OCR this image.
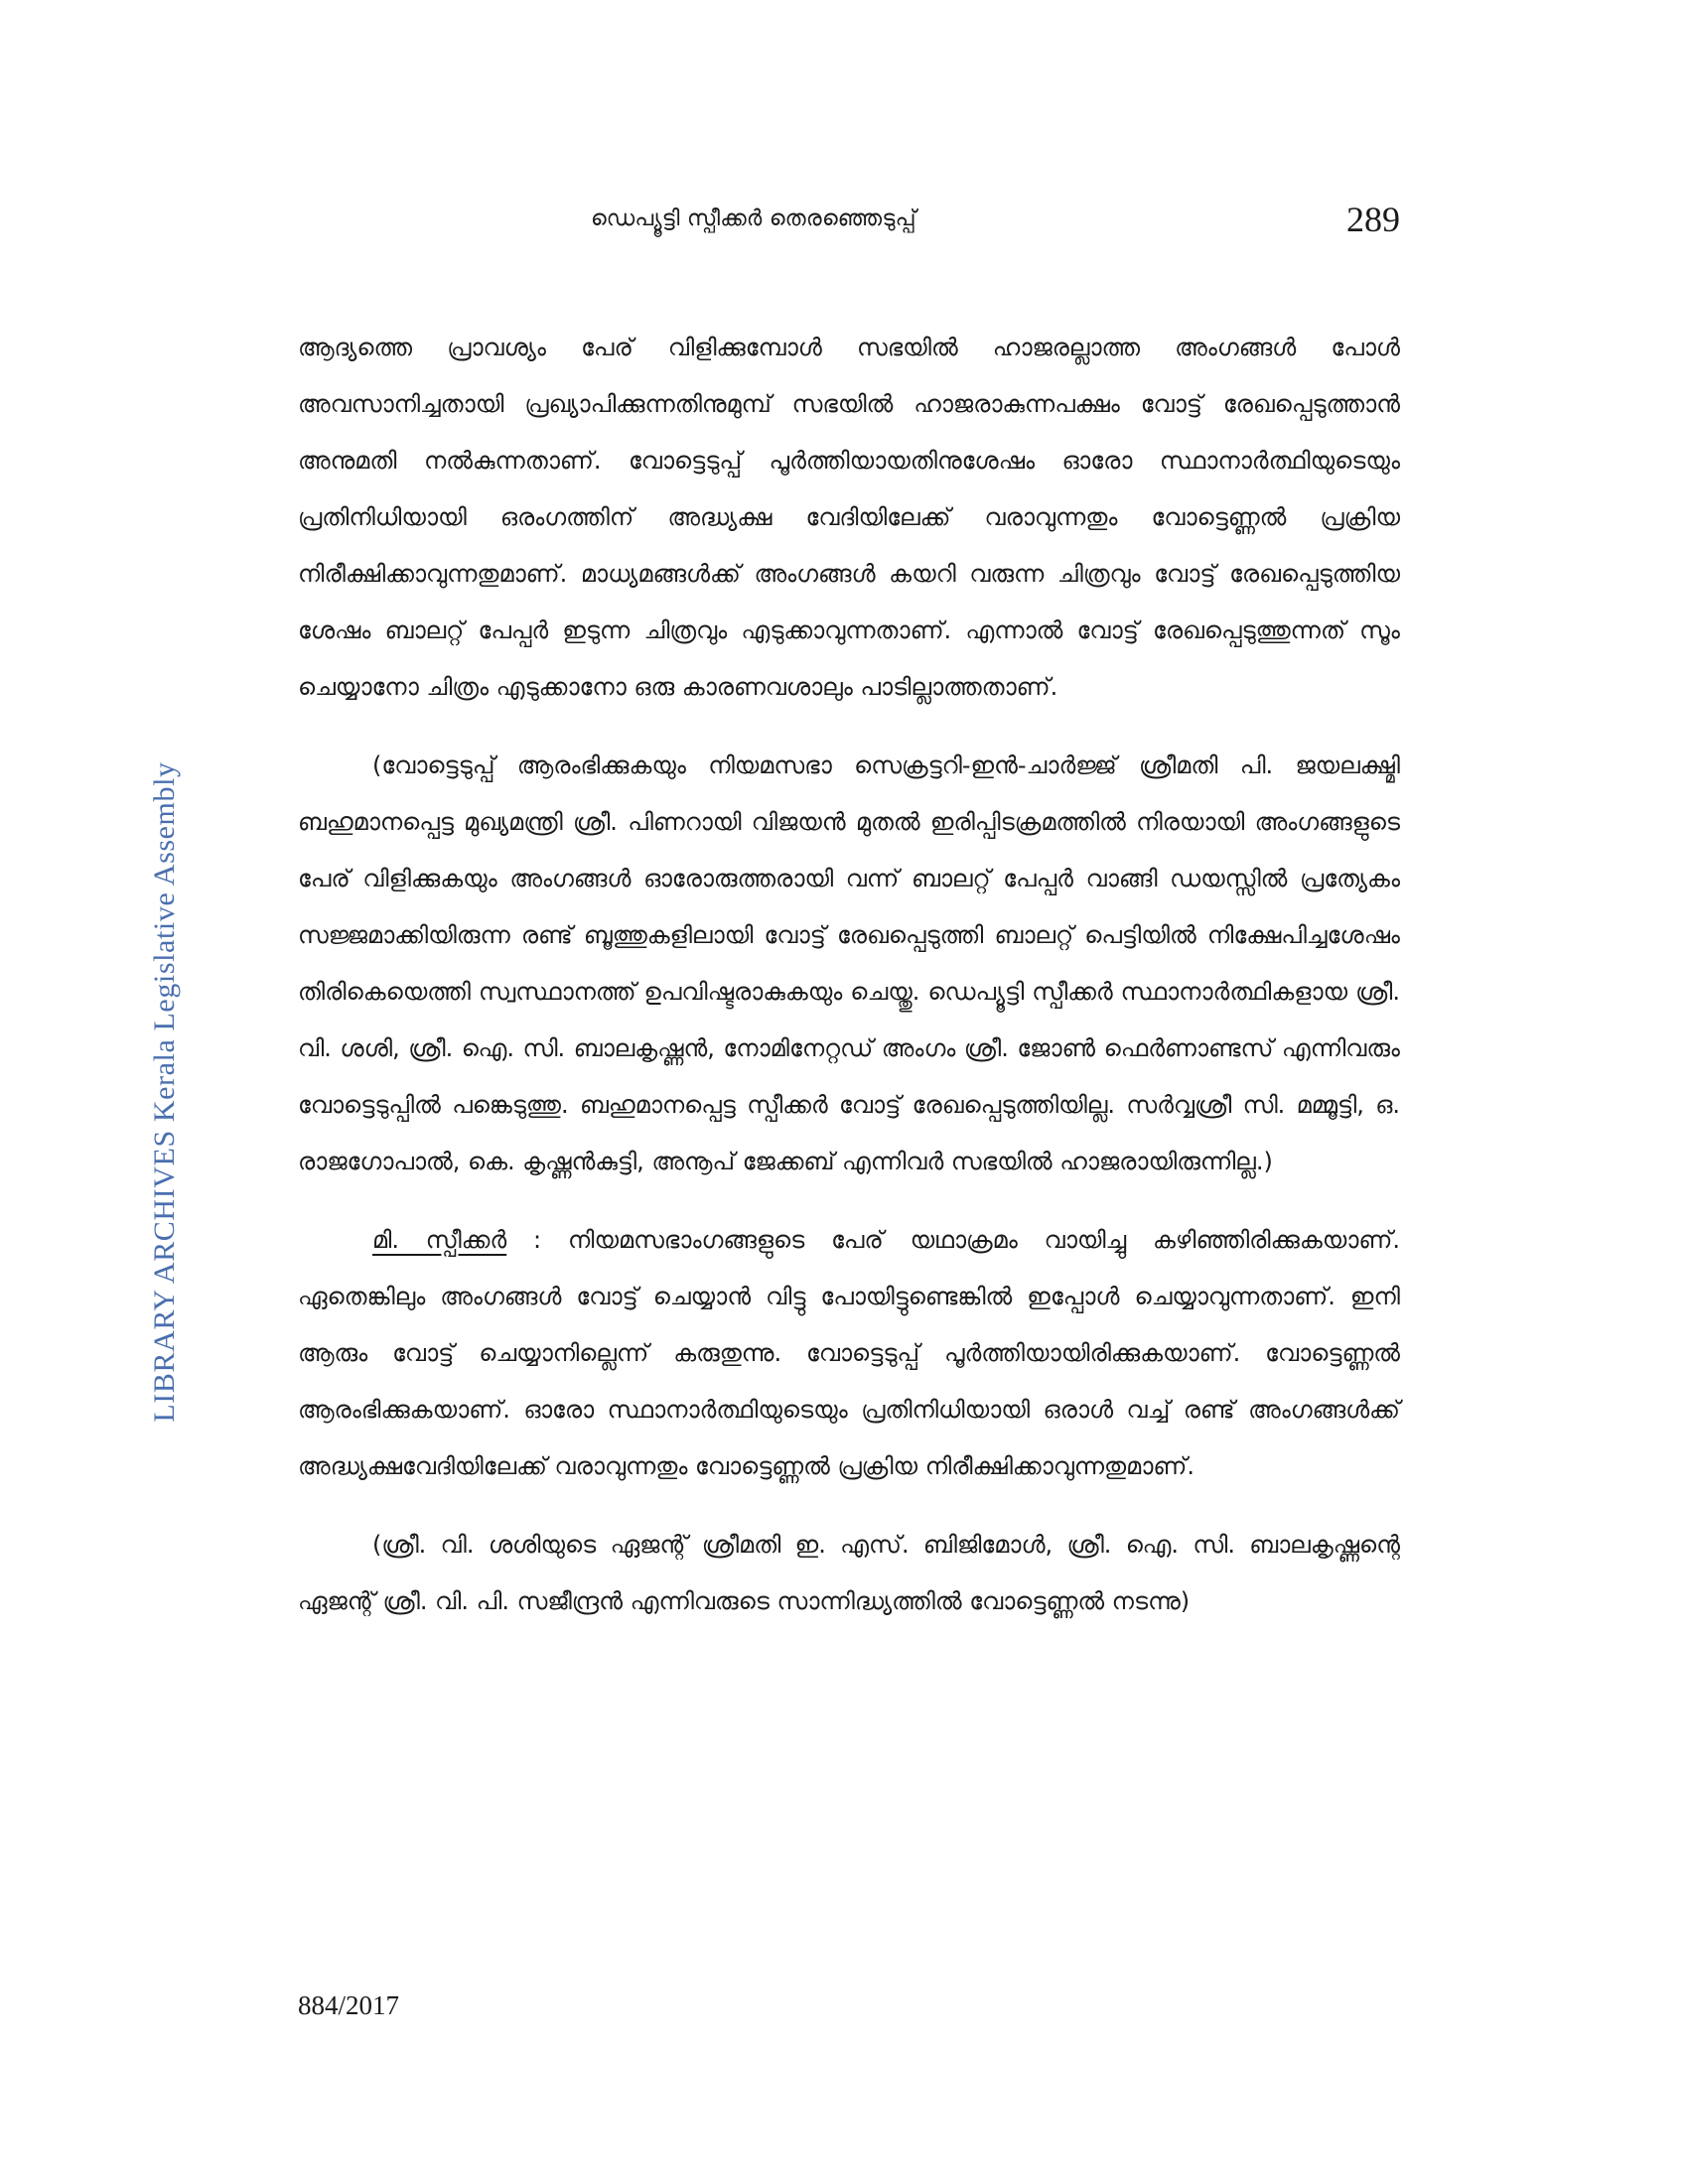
ഡെപ്യൂട്ടി സ്പീക്കർ തെരഞ്ഞെടുപ്പ്	289
LIBRARY ARCHIVES Kerala Legislative Assembly

ആദ്യത്തെ പ്രാവശ്യം പേര് വിളിക്കുമ്പോൾ സഭയിൽ ഹാജരല്ലാത്ത അംഗങ്ങൾ പോൾ അവസാനിച്ചതായി പ്രഖ്യാപിക്കുന്നതിനുമുമ്പ് സഭയിൽ ഹാജരാകുന്നപക്ഷം വോട്ട് രേഖപ്പെടുത്താൻ അനുമതി നൽകുന്നതാണ്. വോട്ടെടുപ്പ് പൂർത്തിയായതിനുശേഷം ഓരോ സ്ഥാനാർത്ഥിയുടെയും പ്രതിനിധിയായി ഒരംഗത്തിന് അദ്ധ്യക്ഷ വേദിയിലേക്ക് വരാവുന്നതും വോട്ടെണ്ണൽ പ്രക്രിയ നിരീക്ഷിക്കാവുന്നതുമാണ്. മാധ്യമങ്ങൾക്ക് അംഗങ്ങൾ കയറി വരുന്ന ചിത്രവും വോട്ട് രേഖപ്പെടുത്തിയ ശേഷം ബാലറ്റ് പേപ്പർ ഇടുന്ന ചിത്രവും എടുക്കാവുന്നതാണ്. എന്നാൽ വോട്ട് രേഖപ്പെടുത്തുന്നത് സൂം ചെയ്യാനോ ചിത്രം എടുക്കാനോ ഒരു കാരണവശാലും പാടില്ലാത്തതാണ്.

(വോട്ടെടുപ്പ് ആരംഭിക്കുകയും നിയമസഭാ സെക്രട്ടറി-ഇൻ-ചാർജ്ജ് ശ്രീമതി പി. ജയലക്ഷ്മി ബഹുമാനപ്പെട്ട മുഖ്യമന്ത്രി ശ്രീ. പിണറായി വിജയൻ മുതൽ ഇരിപ്പിടക്രമത്തിൽ നിരയായി അംഗങ്ങളുടെ പേര് വിളിക്കുകയും അംഗങ്ങൾ ഓരോരുത്തരായി വന്ന് ബാലറ്റ് പേപ്പർ വാങ്ങി ഡയസ്സിൽ പ്രത്യേകം സജ്ജമാക്കിയിരുന്ന രണ്ട് ബൂത്തുകളിലായി വോട്ട് രേഖപ്പെടുത്തി ബാലറ്റ് പെട്ടിയിൽ നിക്ഷേപിച്ചശേഷം തിരികെയെത്തി സ്വസ്ഥാനത്ത് ഉപവിഷ്ടരാകുകയും ചെയ്തു. ഡെപ്യൂട്ടി സ്പീക്കർ സ്ഥാനാർത്ഥികളായ ശ്രീ. വി. ശശി, ശ്രീ. ഐ. സി. ബാലകൃഷ്ണൻ, നോമിനേറ്റഡ് അംഗം ശ്രീ. ജോൺ ഫെർണാണ്ടസ് എന്നിവരും വോട്ടെടുപ്പിൽ പങ്കെടുത്തു. ബഹുമാനപ്പെട്ട സ്പീക്കർ വോട്ട് രേഖപ്പെടുത്തിയില്ല. സർവ്വശ്രീ സി. മമ്മൂട്ടി, ഒ. രാജഗോപാൽ, കെ. കൃഷ്ണൻകുട്ടി, അനൂപ് ജേക്കബ് എന്നിവർ സഭയിൽ ഹാജരായിരുന്നില്ല.)

മി. സ്പീക്കർ : നിയമസഭാംഗങ്ങളുടെ പേര് യഥാക്രമം വായിച്ചു കഴിഞ്ഞിരിക്കുകയാണ്. ഏതെങ്കിലും അംഗങ്ങൾ വോട്ട് ചെയ്യാൻ വിട്ടു പോയിട്ടുണ്ടെങ്കിൽ ഇപ്പോൾ ചെയ്യാവുന്നതാണ്. ഇനി ആരും വോട്ട് ചെയ്യാനില്ലെന്ന് കരുതുന്നു. വോട്ടെടുപ്പ് പൂർത്തിയായിരിക്കുകയാണ്. വോട്ടെണ്ണൽ ആരംഭിക്കുകയാണ്. ഓരോ സ്ഥാനാർത്ഥിയുടെയും പ്രതിനിധിയായി ഒരാൾ വച്ച് രണ്ട് അംഗങ്ങൾക്ക് അദ്ധ്യക്ഷവേദിയിലേക്ക് വരാവുന്നതും വോട്ടെണ്ണൽ പ്രക്രിയ നിരീക്ഷിക്കാവുന്നതുമാണ്.

(ശ്രീ. വി. ശശിയുടെ ഏജന്റ് ശ്രീമതി ഇ. എസ്. ബിജിമോൾ, ശ്രീ. ഐ. സി. ബാലകൃഷ്ണന്റെ ഏജന്റ് ശ്രീ. വി. പി. സജീന്ദ്രൻ എന്നിവരുടെ സാന്നിദ്ധ്യത്തിൽ വോട്ടെണ്ണൽ നടന്നു)

884/2017
